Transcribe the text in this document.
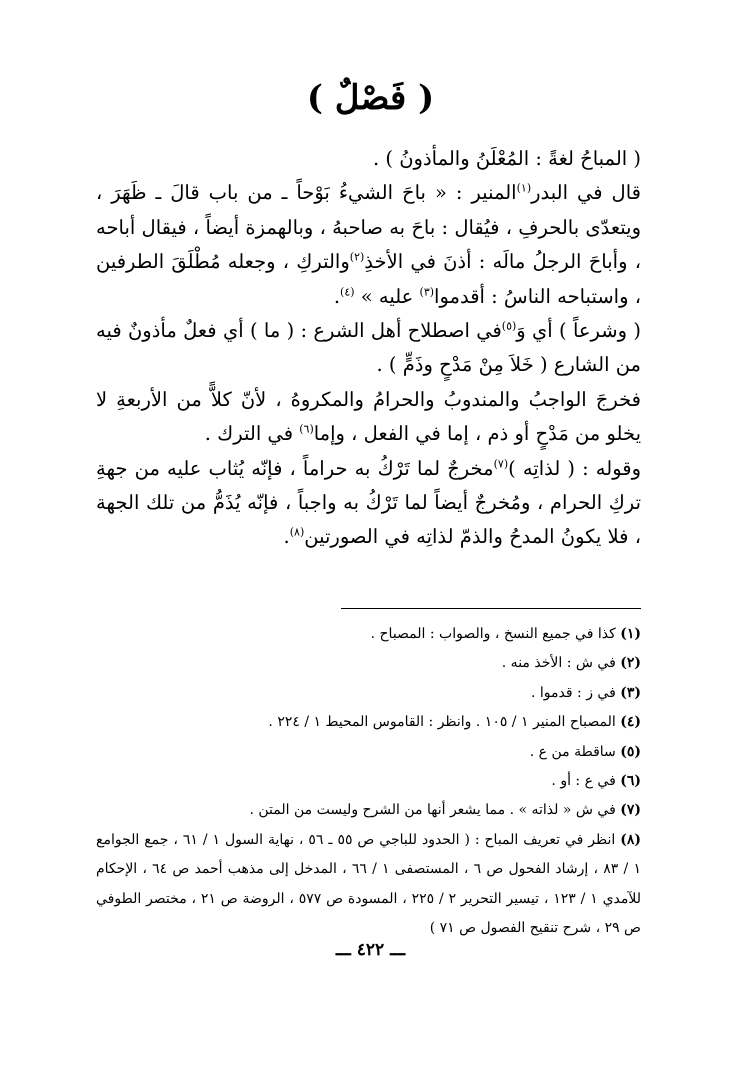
( فَصْلٌ )

( المباحُ لغةً : المُعْلَنُ والمأذونُ ) .

قال في البدر$^{(١)}$المنير : « باحَ الشيءُ بَوْحاً ـ من باب قالَ ـ ظَهَرَ ، ويتعدّى بالحرفِ ، فيُقال : باحَ به صاحبهُ ، وبالهمزة أيضاً ، فيقال أباحه ، وأباحَ الرجلُ مالَه : أذنَ في الأخذِ$^{(٢)}$والتركِ ، وجعله مُطْلَقَ الطرفين ، واستباحه الناسُ : أقدموا$^{(٣)}$ عليه » $^{(٤)}$.

( وشرعاً ) أي وَ$^{(٥)}$في اصطلاح أهل الشرع : ( ما ) أي فعلٌ مأذونٌ فيه من الشارع ( خَلاَ مِنْ مَدْحٍ وذَمٍّ ) .

فخرجَ الواجبُ والمندوبُ والحرامُ والمكروهُ ، لأنّ كلاًّ من الأربعةِ لا يخلو من مَدْحٍ أو ذم ، إما في الفعل ، وإما$^{(٦)}$ في الترك .

وقوله : ( لذاتِه )$^{(٧)}$مخرجٌ لما تَرْكُ به حراماً ، فإنّه يُثاب عليه من جهةِ تركِ الحرام ، ومُخرجٌ أيضاً لما تَرْكُ به واجباً ، فإنّه يُذَمُّ من تلك الجهة ، فلا يكونُ المدحُ والذمّ لذاتِه في الصورتين$^{(٨)}$.

(١) كذا في جميع النسخ ، والصواب : المصباح .
(٢) في ش : الأخذ منه .
(٣) في ز : قدموا .
(٤) المصباح المنير ١ / ١٠٥ . وانظر : القاموس المحيط ١ / ٢٢٤ .
(٥) ساقطة من ع .
(٦) في ع : أو .
(٧) في ش « لذاته » . مما يشعر أنها من الشرح وليست من المتن .
(٨) انظر في تعريف المباح : ( الحدود للباجي ص ٥٥ ـ ٥٦ ، نهاية السول ١ / ٦١ ، جمع الجوامع ١ / ٨٣ ، إرشاد الفحول ص ٦ ، المستصفى ١ / ٦٦ ، المدخل إلى مذهب أحمد ص ٦٤ ، الإحكام للآمدي ١ / ١٢٣ ، تيسير التحرير ٢ / ٢٢٥ ، المسودة ص ٥٧٧ ، الروضة ص ٢١ ، مختصر الطوفي ص ٢٩ ، شرح تنقيح الفصول ص ٧١ )
ـــ ٤٢٢ ـــ
